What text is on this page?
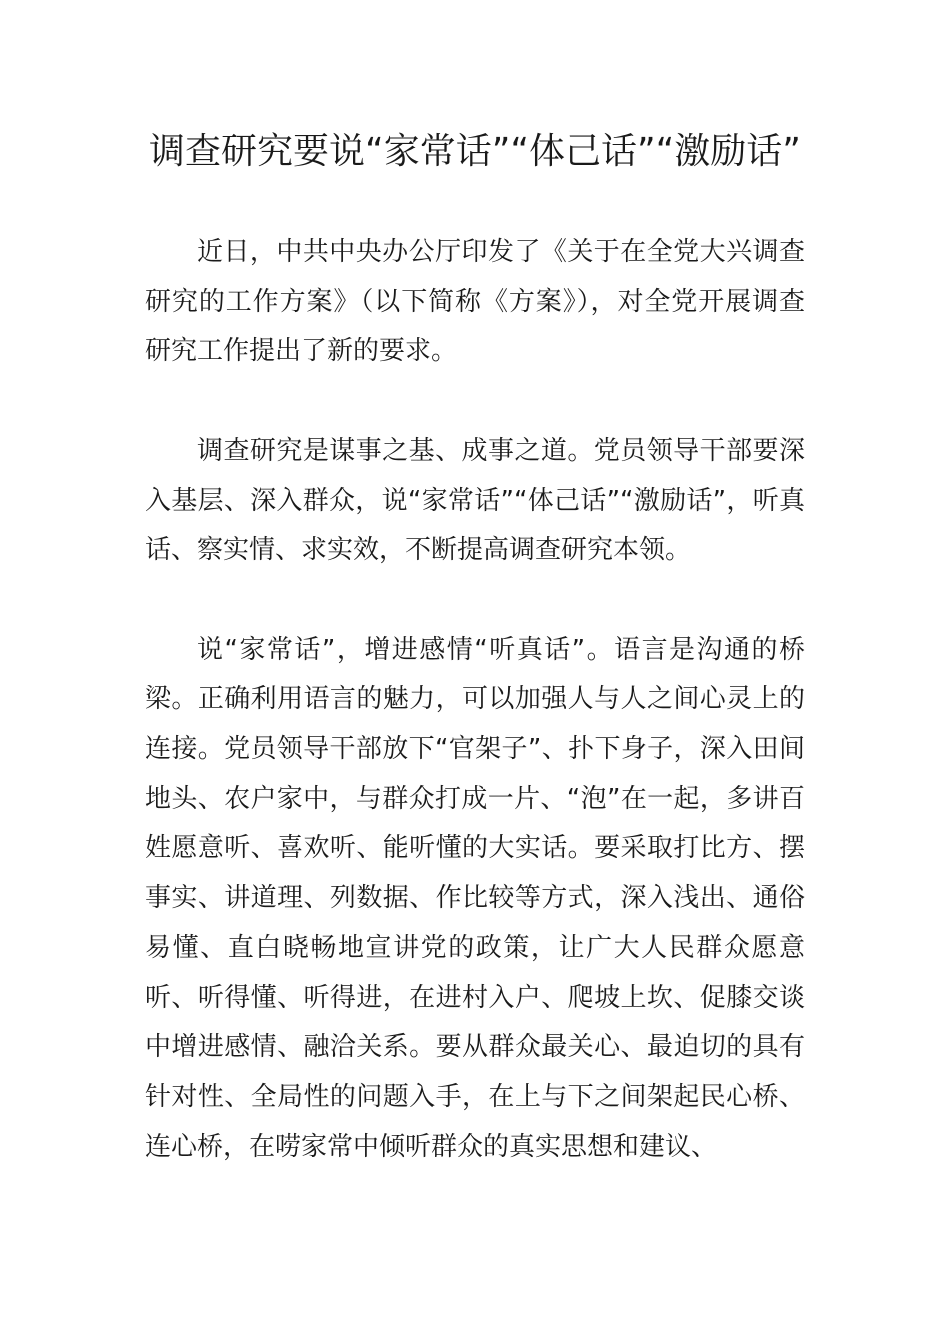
调查研究要说“家常话”“体己话”“激励话”

近日，中共中央办公厅印发了《关于在全党大兴调查研究的工作方案》（以下简称《方案》），对全党开展调查研究工作提出了新的要求。

调查研究是谋事之基、成事之道。党员领导干部要深入基层、深入群众，说“家常话”“体己话”“激励话”，听真话、察实情、求实效，不断提高调查研究本领。

说“家常话”，增进感情“听真话”。语言是沟通的桥梁。正确利用语言的魅力，可以加强人与人之间心灵上的连接。党员领导干部放下“官架子”、扑下身子，深入田间地头、农户家中，与群众打成一片、“泡”在一起，多讲百姓愿意听、喜欢听、能听懂的大实话。要采取打比方、摆事实、讲道理、列数据、作比较等方式，深入浅出、通俗易懂、直白晓畅地宣讲党的政策，让广大人民群众愿意听、听得懂、听得进，在进村入户、爬坡上坎、促膝交谈中增进感情、融洽关系。要从群众最关心、最迫切的具有针对性、全局性的问题入手，在上与下之间架起民心桥、连心桥，在唠家常中倾听群众的真实思想和建议、
